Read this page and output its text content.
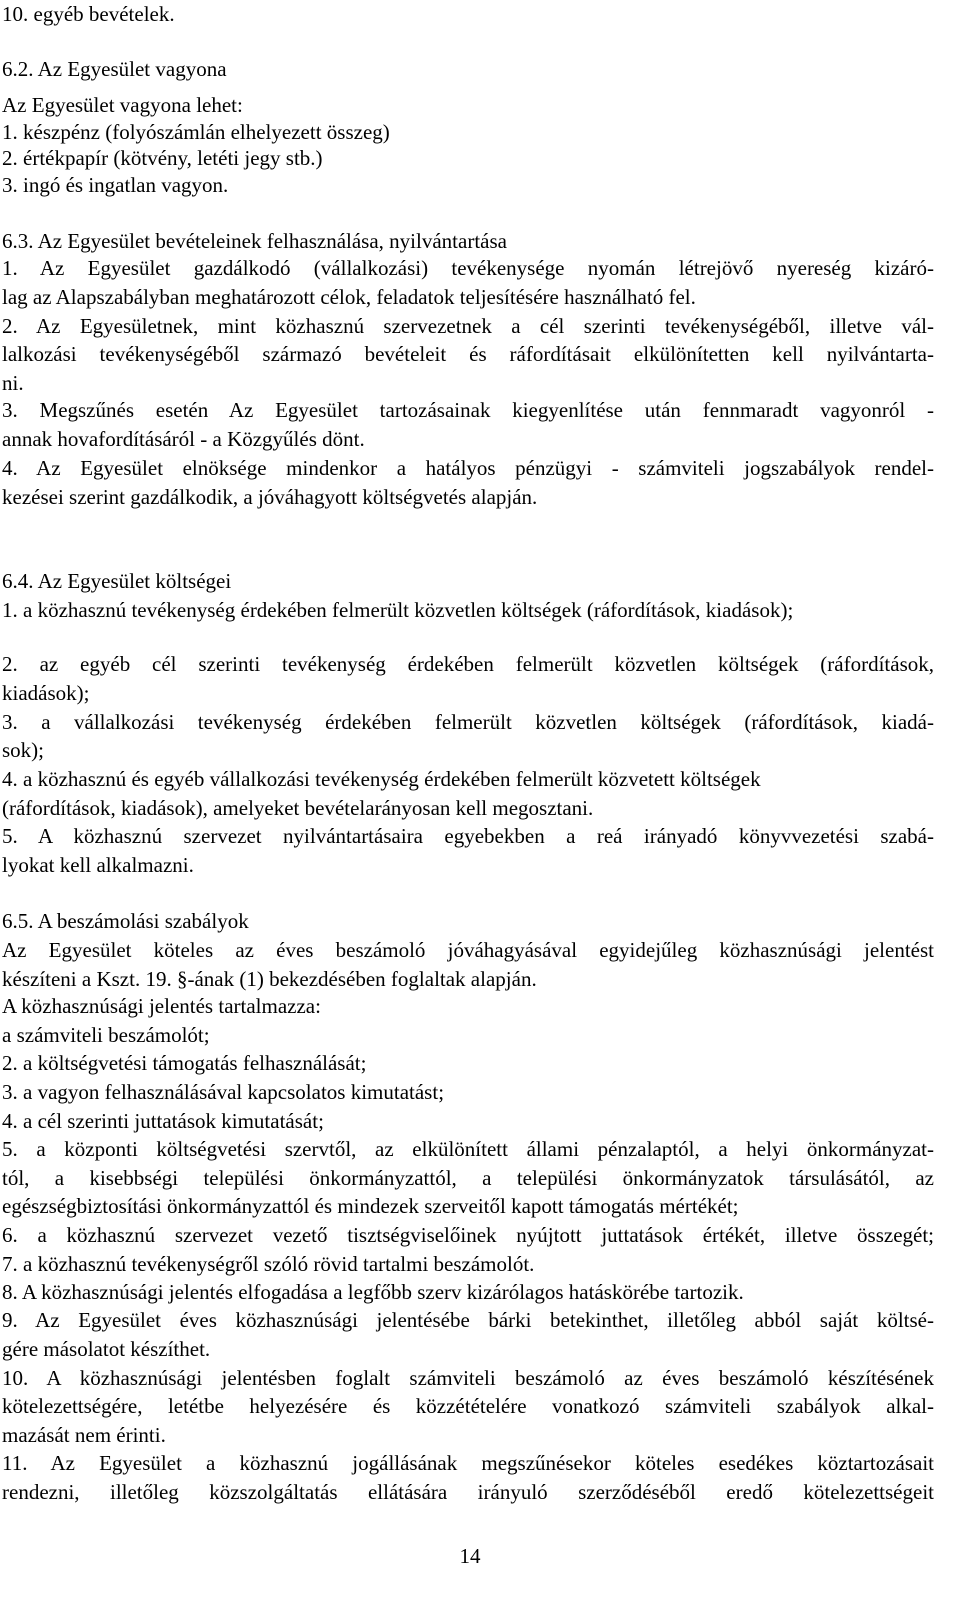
10. egyéb bevételek.
6.2. Az Egyesület vagyona
Az Egyesület vagyona lehet:
1. készpénz (folyószámlán elhelyezett összeg)
2. értékpapír (kötvény, letéti jegy stb.)
3. ingó és ingatlan vagyon.
6.3. Az Egyesület bevételeinek felhasználása, nyilvántartása
1. Az Egyesület gazdálkodó (vállalkozási) tevékenysége nyomán létrejövő nyereség kizáró-
lag az Alapszabályban meghatározott célok, feladatok teljesítésére használható fel.
2. Az Egyesületnek, mint közhasznú szervezetnek a cél szerinti tevékenységéből, illetve vál-
lalkozási tevékenységéből származó bevételeit és ráfordításait elkülönítetten kell nyilvántarta-
ni.
3. Megszűnés esetén Az Egyesület tartozásainak kiegyenlítése után fennmaradt vagyonról -
annak hovafordításáról - a Közgyűlés dönt.
4. Az Egyesület elnöksége mindenkor a hatályos pénzügyi - számviteli jogszabályok rendel-
kezései szerint gazdálkodik, a jóváhagyott költségvetés alapján.
6.4. Az Egyesület költségei
1. a közhasznú tevékenység érdekében felmerült közvetlen költségek (ráfordítások, kiadások);
2. az egyéb cél szerinti tevékenység érdekében felmerült közvetlen költségek (ráfordítások,
kiadások);
3. a vállalkozási tevékenység érdekében felmerült közvetlen költségek (ráfordítások, kiadá-
sok);
4. a közhasznú és egyéb vállalkozási tevékenység érdekében felmerült közvetett költségek
(ráfordítások, kiadások), amelyeket bevételarányosan kell megosztani.
5. A közhasznú szervezet nyilvántartásaira egyebekben a reá irányadó könyvvezetési szabá-
lyokat kell alkalmazni.
6.5. A beszámolási szabályok
Az Egyesület köteles az éves beszámoló jóváhagyásával egyidejűleg közhasznúsági jelentést
készíteni a Kszt. 19. §-ának (1) bekezdésében foglaltak alapján.
A közhasznúsági jelentés tartalmazza:
a számviteli beszámolót;
2. a költségvetési támogatás felhasználását;
3. a vagyon felhasználásával kapcsolatos kimutatást;
4. a cél szerinti juttatások kimutatását;
5. a központi költségvetési szervtől, az elkülönített állami pénzalaptól, a helyi önkormányzat-
tól, a kisebbségi települési önkormányzattól, a települési önkormányzatok társulásától, az
egészségbiztosítási önkormányzattól és mindezek szerveitől kapott támogatás mértékét;
6. a közhasznú szervezet vezető tisztségviselőinek nyújtott juttatások értékét, illetve összegét;
7. a közhasznú tevékenységről szóló rövid tartalmi beszámolót.
8. A közhasznúsági jelentés elfogadása a legfőbb szerv kizárólagos hatáskörébe tartozik.
9. Az Egyesület éves közhasznúsági jelentésébe bárki betekinthet, illetőleg abból saját költsé-
gére másolatot készíthet.
10. A közhasznúsági jelentésben foglalt számviteli beszámoló az éves beszámoló készítésének
kötelezettségére, letétbe helyezésére és közzétételére vonatkozó számviteli szabályok alkal-
mazását nem érinti.
11. Az Egyesület a közhasznú jogállásának megszűnésekor köteles esedékes köztartozásait
rendezni, illetőleg közszolgáltatás ellátására irányuló szerződéséből eredő kötelezettségeit
14
